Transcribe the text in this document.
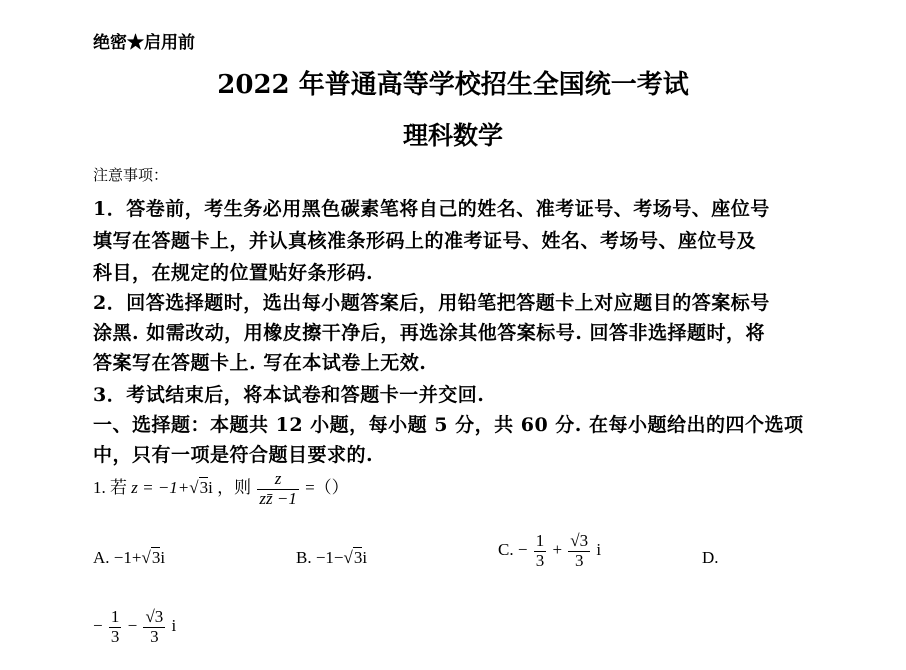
绝密★启用前
2022 年普通高等学校招生全国统一考试
理科数学
注意事项：
1．答卷前，考生务必用黑色碳素笔将自己的姓名、准考证号、考场号、座位号
填写在答题卡上，并认真核准条形码上的准考证号、姓名、考场号、座位号及
科目，在规定的位置贴好条形码.
2．回答选择题时，选出每小题答案后，用铅笔把答题卡上对应题目的答案标号
涂黑. 如需改动，用橡皮擦干净后，再选涂其他答案标号. 回答非选择题时，将
答案写在答题卡上. 写在本试卷上无效.
3．考试结束后，将本试卷和答题卡一并交回.
一、选择题：本题共 12 小题，每小题 5 分，共 60 分. 在每小题给出的四个选项
中，只有一项是符合题目要求的.
1. 若 z = −1+√3i ，则 $\frac{z}{zz̄ -1}$ =（）
A. −1+√3i	B. −1−√3i	C. − $\frac{1}{3} + \frac{√3}{3}$ i	D.
− $\frac{1}{3} - \frac{√3}{3}$ i
